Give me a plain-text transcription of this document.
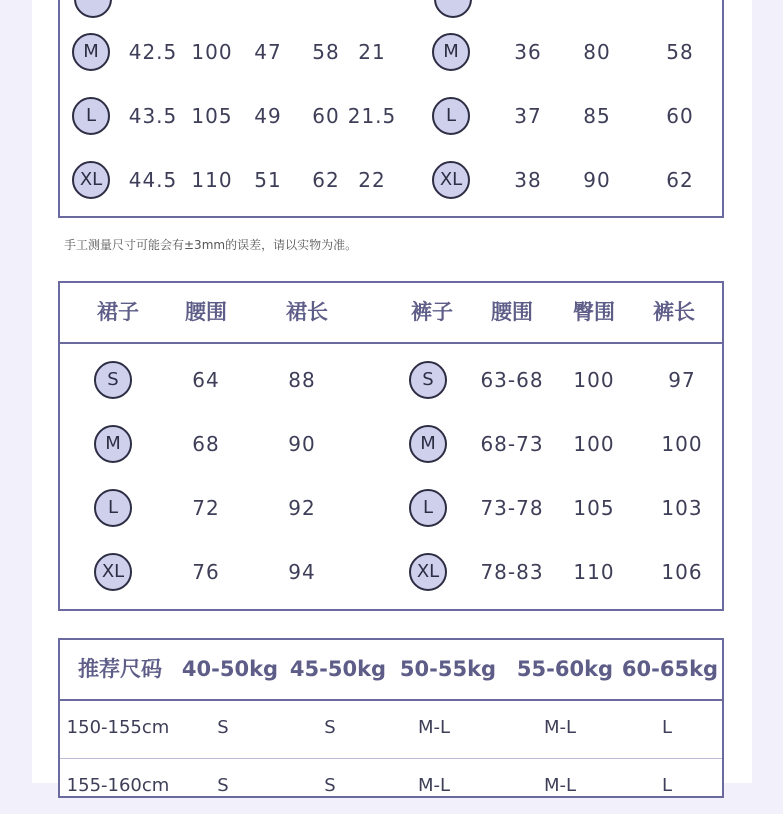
M	42.5 100 47 58 21	M	36 80	58
L	43.5 105 49 60 21.5	L	37 85	60
XL	44.5 110 51 62 22	XL	38 90	62
手工测量尺寸可能会有±3mm的误差，请以实物为准。
裙子 腰围	裙长	裤子 腰围 臀围 裤长
S	64	88	S	63-68 100	97
M	68	90	M	68-73 100 100
L	72	92	L	73-78 105 103
XL	76	94	XL	78-83 110 106
推荐尺码 40-50kg 45-50kg 50-55kg 55-60kg 60-65kg
150-155cm	S	S	M-L	M-L	L
155-160cm	S	S	M-L	M-L	L
